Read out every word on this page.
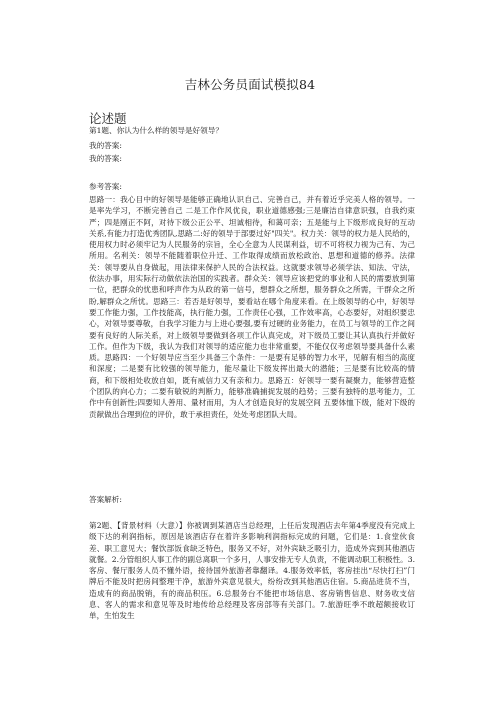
吉林公务员面试模拟84
论述题
第1题、你认为什么样的领导是好领导？
我的答案:
我的答案:
参考答案:
思路一：我心目中的好领导是能够正确地认识自己、完善自己，并有着近乎完美人格的领导。一是率先学习，不断完善自己 二是工作作风优良，职业道德感强;三是廉洁自律意识强，自我约束严；四是刚正不阿，对待下级公正公平、坦诚相待，和蔼可亲；五是能与上下级形成良好的互动关系,有能力打造优秀团队,思路二:好的领导于部要过好"四关"。权力关：领导的权力是人民给的，使用权力时必须牢记为人民服务的宗旨，全心全意为人民谋利益，切不可将权力视为己有、为己所用。名利关：领导不能随着职位升迁、工作取得成绩而放松政治、思想和道德的修养。法律关：领导要从自身做起，用法律来保护人民的合法权益。这就要求领导必须学法、知法、守法，依法办事，用实际行动做依法治国的实践者。群众关：领导应该把党的事业和人民的需要放到第一位，把群众的忧患和呼声作为从政的第一信号，想群众之所想，服务群众之所需，干群众之所盼,解群众之所忧。思路三：若否是好领导，要看站在哪个角度来看。在上级领导的心中，好领导要工作能力强，工作技能高，执行能力强，工作责任心强，工作效率高，心态要好，对组织要忠心，对领导要尊敬，自我学习能力与上进心要强,要有过硬的业务能力，在员工与领导的工作之间要有良好的人际关系，对上级领导要做到各项工作认真完成，对下级员工要让其认真执行并做好工作。但作为下级，我认为我们对领导的适应能力也非常重要，不能仅仅考虑领导要具备什么素质。思路四：一个好领导应当至少具备三个条件：一是要有足够的智力水平，见解有相当的高度和深度；二是要有比较强的领导能力，能尽量让下级发挥出最大的潜能；三是要有比较高的情商，和下级相处收放自如，既有威信力又有亲和力。思路五：好领导一要有凝聚力，能够营造整个团队的向心力；二要有敏锐的判断力，能够准确捕捉发展的趋势；三要有独特的思考能力，工作中有创新性;四要知人善用、量材而用，为人才创造良好的发展空间 五要体恤下级，能对下级的贡献做出合理到位的评价，敢于承担责任，处处考虑团队大局。
答案解析:
第2题、【背景材料（大意）】你被调到某酒店当总经理，上任后发现酒店去年第4季度没有完成上级下达的利润指标，原因是该酒店存在着许多影响利润指标完成的问题，它们是：1.食堂伙食差、职工意见大；餐饮部饭食缺乏特色，服务又不好，对外宾缺乏吸引力，造成外宾到其他酒店就餐。2.分管组织人事工作的副总离职一个多月，人事安排无专人负责，不能调动职工积极性。3.客房、餐厅服务人员不懂外语，接待国外旅游者靠翻译。4.服务效率低，客房挂出“尽快打扫”门牌后不能及时把房间整理干净，旅游外宾意见很大，纷纷改到其他酒店住宿。5.商品进货不当，造成有的商品脱销，有的商品积压。6.总服务台不能把市场信息、客房销售信息、财务收支信息、客人的需求和意见等及时地传给总经理及客房部等有关部门。7.旅游旺季不敢超额接收订单，生怕发生
